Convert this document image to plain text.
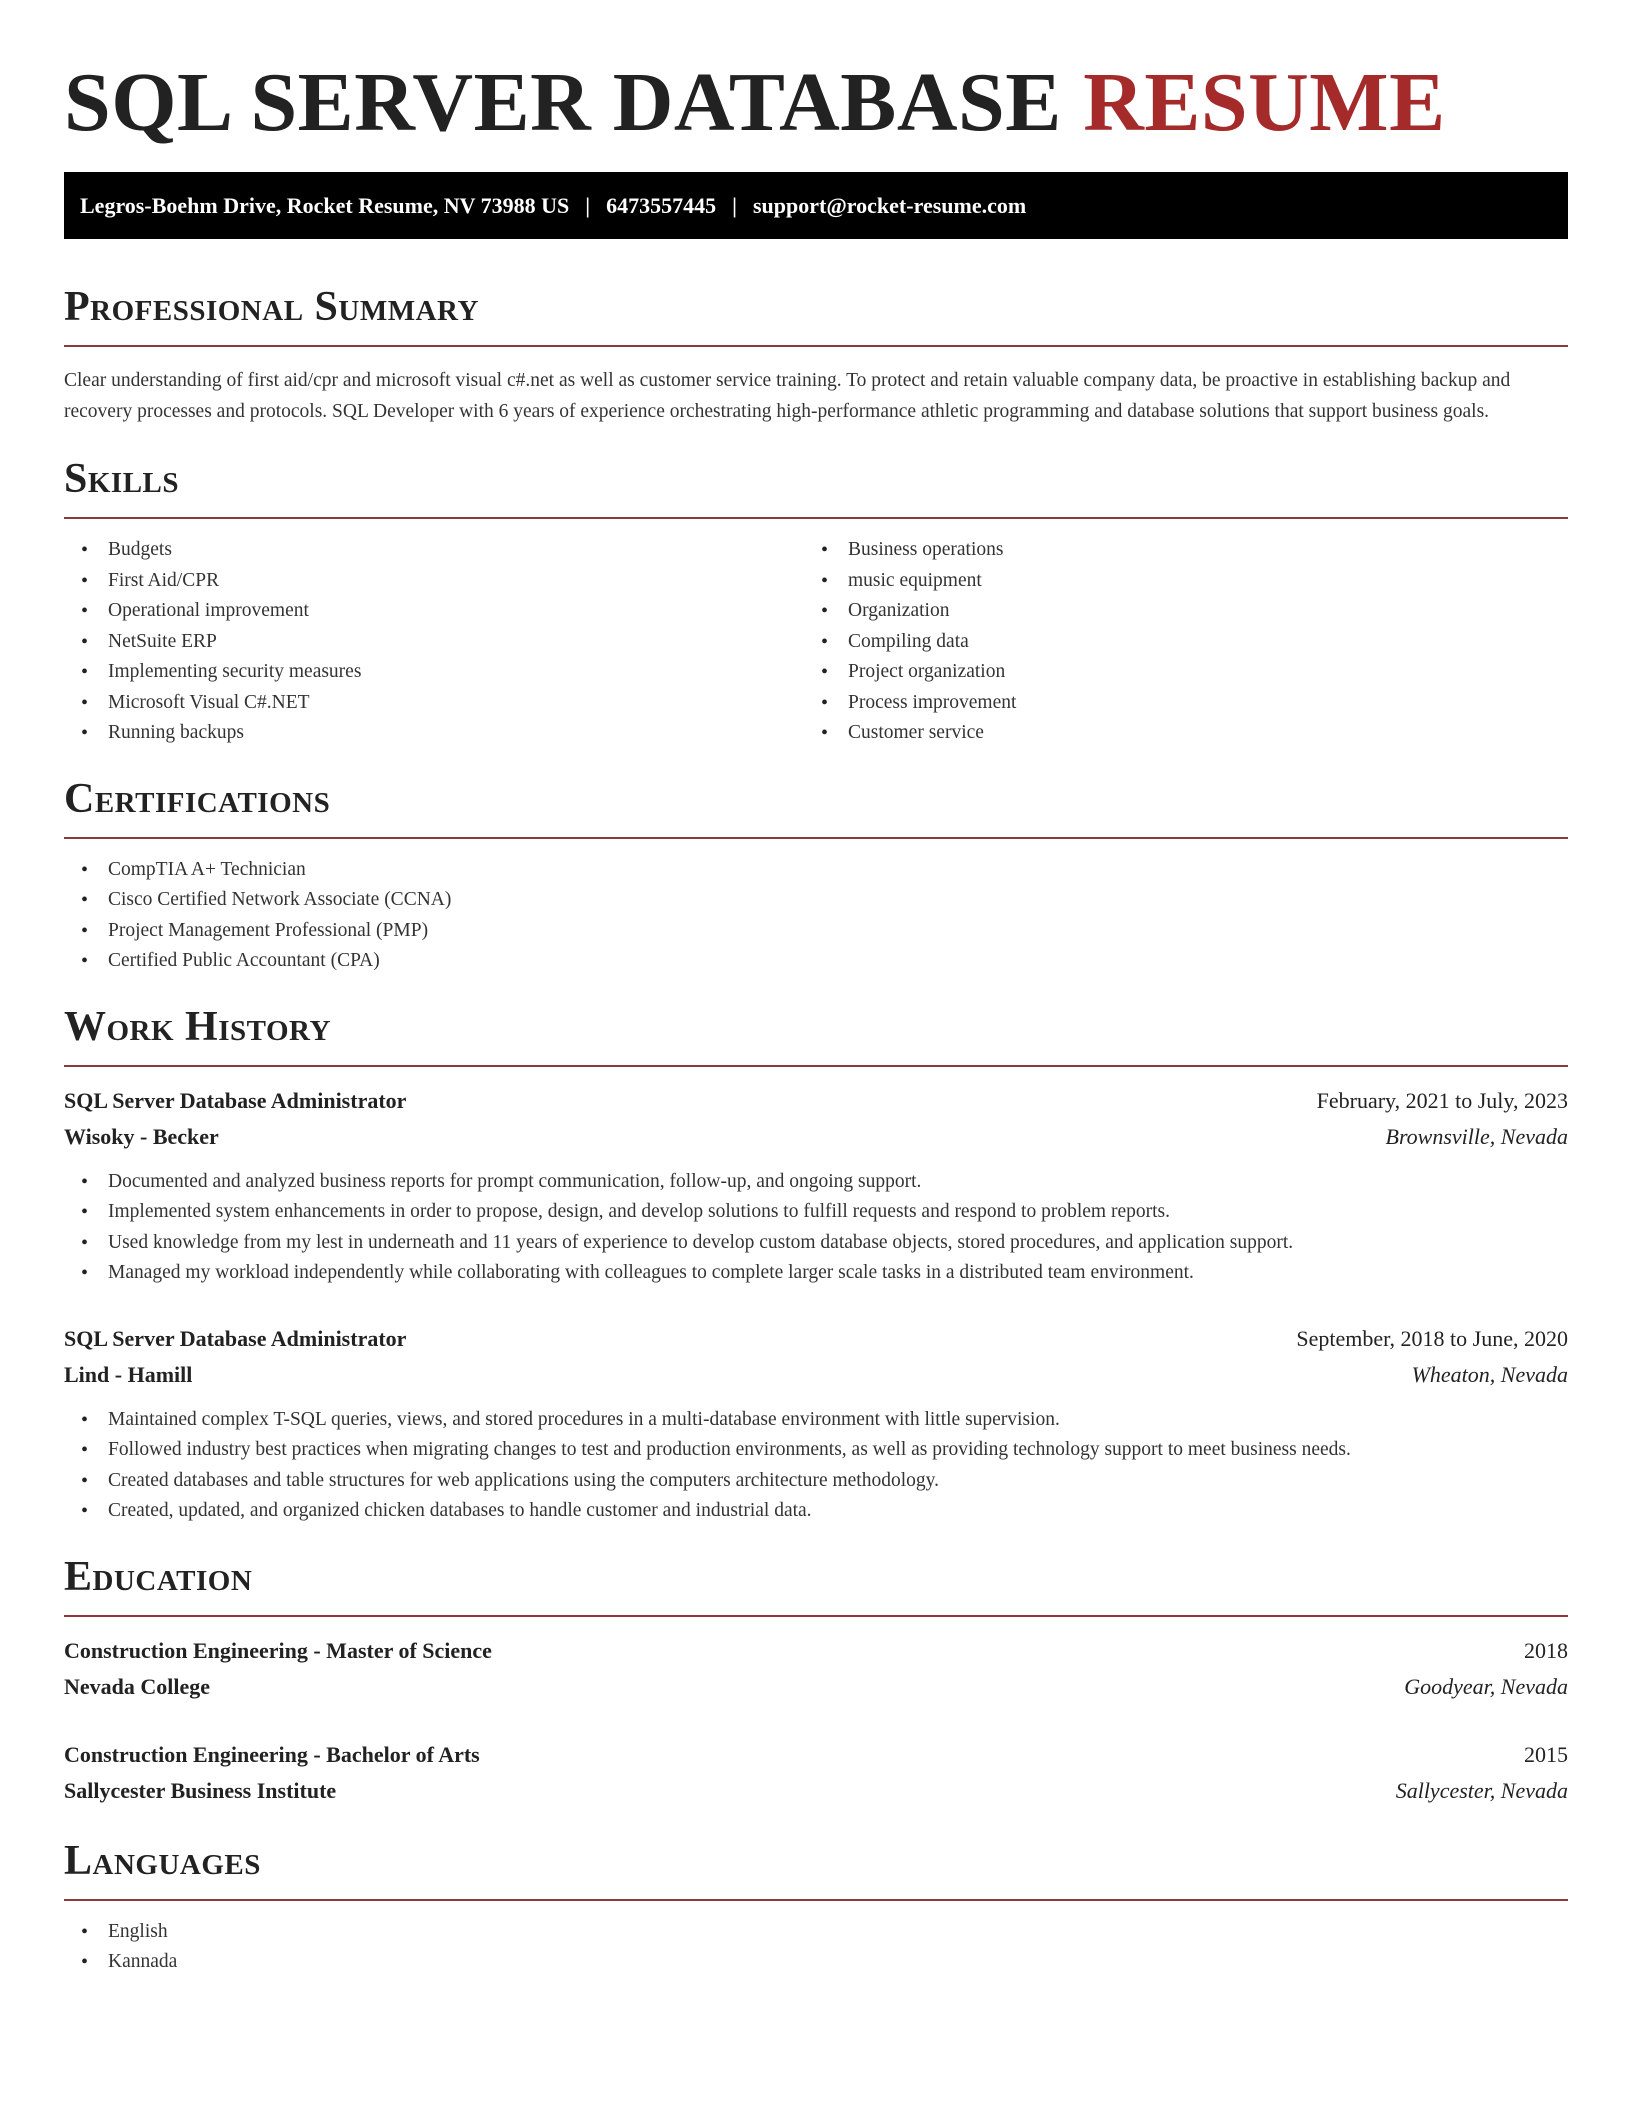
SQL SERVER DATABASE RESUME
Legros-Boehm Drive, Rocket Resume, NV 73988 US | 6473557445 | support@rocket-resume.com
Professional Summary

Clear understanding of first aid/cpr and microsoft visual c#.net as well as customer service training. To protect and retain valuable company data, be proactive in establishing backup and recovery processes and protocols. SQL Developer with 6 years of experience orchestrating high-performance athletic programming and database solutions that support business goals.

Skills
• Budgets
• First Aid/CPR
• Operational improvement
• NetSuite ERP
• Implementing security measures
• Microsoft Visual C#.NET
• Running backups
• Business operations
• music equipment
• Organization
• Compiling data
• Project organization
• Process improvement
• Customer service
Certifications
• CompTIA A+ Technician
• Cisco Certified Network Associate (CCNA)
• Project Management Professional (PMP)
• Certified Public Accountant (CPA)
Work History
SQL Server Database Administrator	February, 2021 to July, 2023
Wisoky - Becker	Brownsville, Nevada
• Documented and analyzed business reports for prompt communication, follow-up, and ongoing support.
• Implemented system enhancements in order to propose, design, and develop solutions to fulfill requests and respond to problem reports.
• Used knowledge from my lest in underneath and 11 years of experience to develop custom database objects, stored procedures, and application support.
• Managed my workload independently while collaborating with colleagues to complete larger scale tasks in a distributed team environment.
SQL Server Database Administrator	September, 2018 to June, 2020
Lind - Hamill	Wheaton, Nevada
• Maintained complex T-SQL queries, views, and stored procedures in a multi-database environment with little supervision.
• Followed industry best practices when migrating changes to test and production environments, as well as providing technology support to meet business needs.
• Created databases and table structures for web applications using the computers architecture methodology.
• Created, updated, and organized chicken databases to handle customer and industrial data.
Education
Construction Engineering - Master of Science	2018
Nevada College	Goodyear, Nevada
Construction Engineering - Bachelor of Arts	2015
Sallycester Business Institute	Sallycester, Nevada
Languages
• English
• Kannada
